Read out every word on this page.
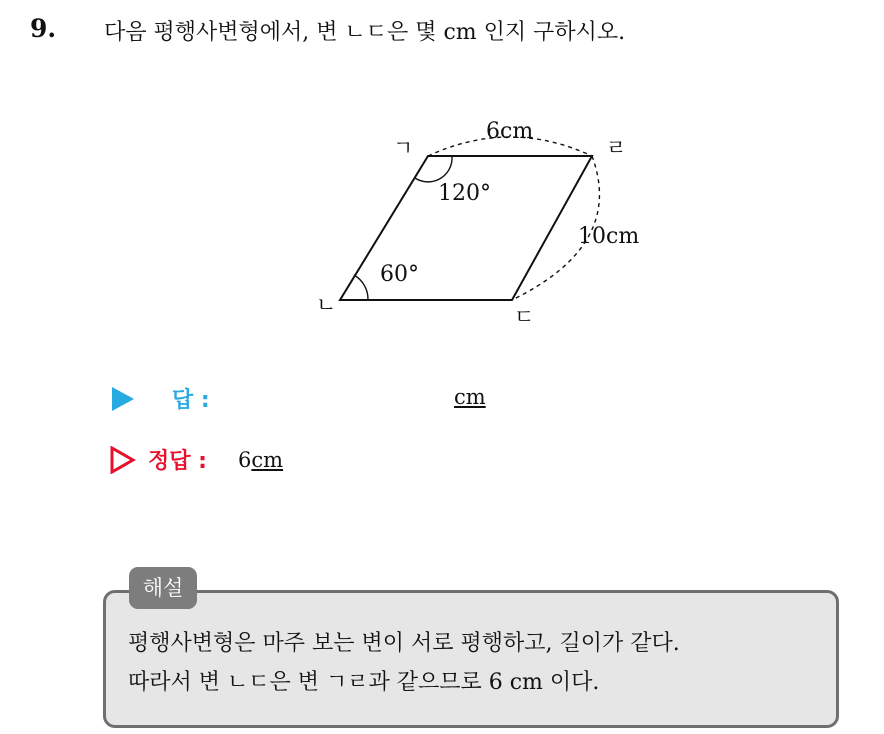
9. 다음 평행사변형에서, 변 ㄴㄷ은 몇 cm 인지 구하시오.
ㄱ	ㄹ
ㄴ	ㄷ
6cm
10cm
120°
60°
답 :	cm
정답 : 6cm
해설
평행사변형은 마주 보는 변이 서로 평행하고, 길이가 같다.
따라서 변 ㄴㄷ은 변 ㄱㄹ과 같으므로 6 cm 이다.
